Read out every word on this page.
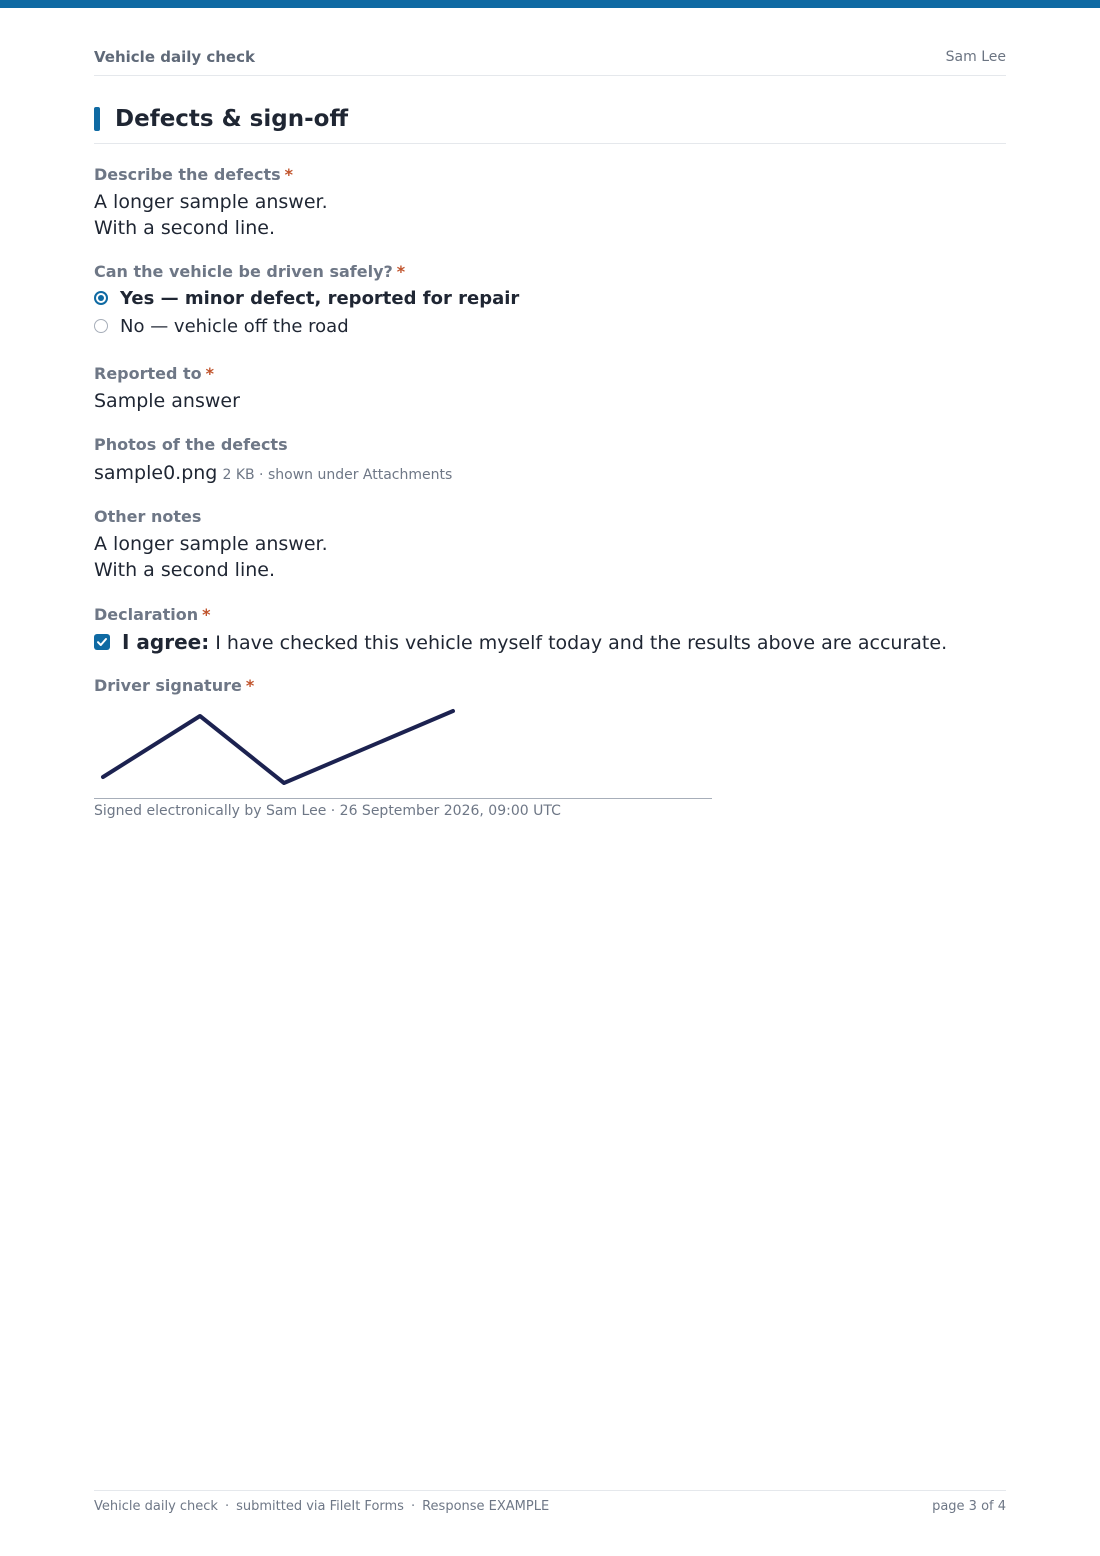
Vehicle daily check	Sam Lee
Defects & sign-off
Describe the defects *
A longer sample answer.
With a second line.
Can the vehicle be driven safely? *
Yes — minor defect, reported for repair
No — vehicle off the road
Reported to *
Sample answer
Photos of the defects
sample0.png 2 KB · shown under Attachments
Other notes
A longer sample answer.
With a second line.
Declaration *
I agree: I have checked this vehicle myself today and the results above are accurate.
Driver signature *
Signed electronically by Sam Lee · 26 September 2026, 09:00 UTC
Vehicle daily check · submitted via FileIt Forms · Response EXAMPLE	page 3 of 4
